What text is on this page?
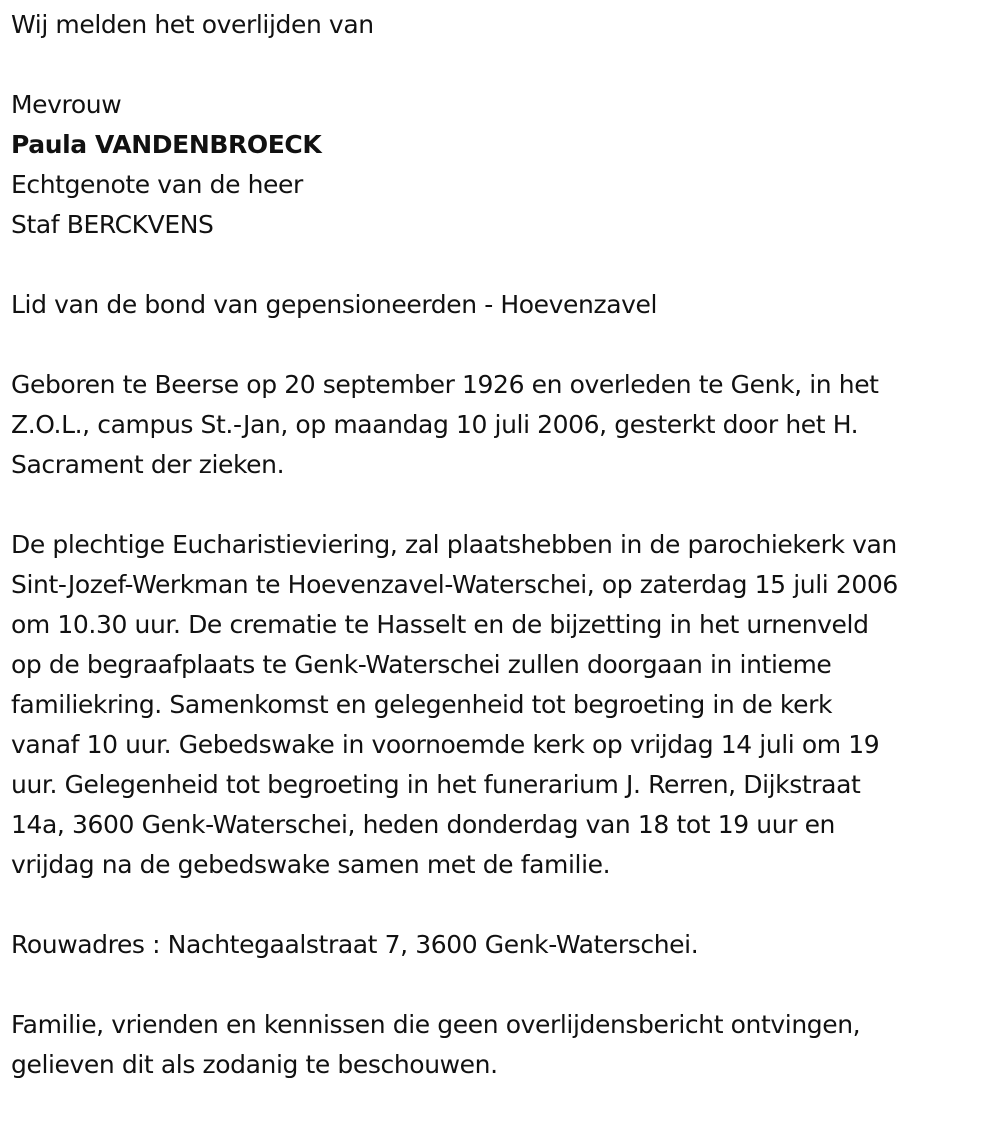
Wij melden het overlijden van
Mevrouw
Paula VANDENBROECK
Echtgenote van de heer
Staf BERCKVENS
Lid van de bond van gepensioneerden - Hoevenzavel
Geboren te Beerse op 20 september 1926 en overleden te Genk, in het
Z.O.L., campus St.-Jan, op maandag 10 juli 2006, gesterkt door het H.
Sacrament der zieken.
De plechtige Eucharistieviering, zal plaatshebben in de parochiekerk van
Sint-Jozef-Werkman te Hoevenzavel-Waterschei, op zaterdag 15 juli 2006
om 10.30 uur. De crematie te Hasselt en de bijzetting in het urnenveld
op de begraafplaats te Genk-Waterschei zullen doorgaan in intieme
familiekring. Samenkomst en gelegenheid tot begroeting in de kerk
vanaf 10 uur. Gebedswake in voornoemde kerk op vrijdag 14 juli om 19
uur. Gelegenheid tot begroeting in het funerarium J. Rerren, Dijkstraat
14a, 3600 Genk-Waterschei, heden donderdag van 18 tot 19 uur en
vrijdag na de gebedswake samen met de familie.
Rouwadres : Nachtegaalstraat 7, 3600 Genk-Waterschei.
Familie, vrienden en kennissen die geen overlijdensbericht ontvingen,
gelieven dit als zodanig te beschouwen.
